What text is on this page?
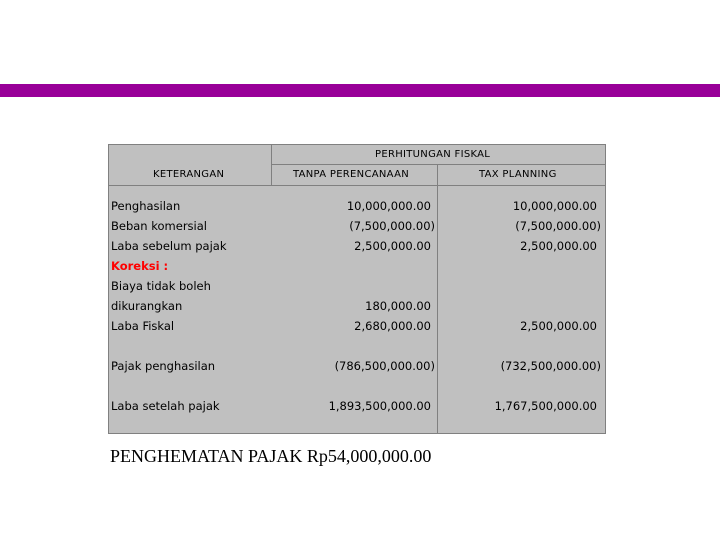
PERHITUNGAN FISKAL
KETERANGAN	TANPA PERENCANAAN	TAX PLANNING
Penghasilan
Beban komersial
Laba sebelum pajak
Koreksi :
Biaya tidak boleh
dikurangkan
Laba Fiskal
Pajak penghasilan
Laba setelah pajak
10,000,000.00
(7,500,000.00)
2,500,000.00
180,000.00
2,680,000.00
(786,500,000.00)
1,893,500,000.00
10,000,000.00
(7,500,000.00)
2,500,000.00
2,500,000.00
(732,500,000.00)
1,767,500,000.00
PENGHEMATAN PAJAK Rp54,000,000.00
